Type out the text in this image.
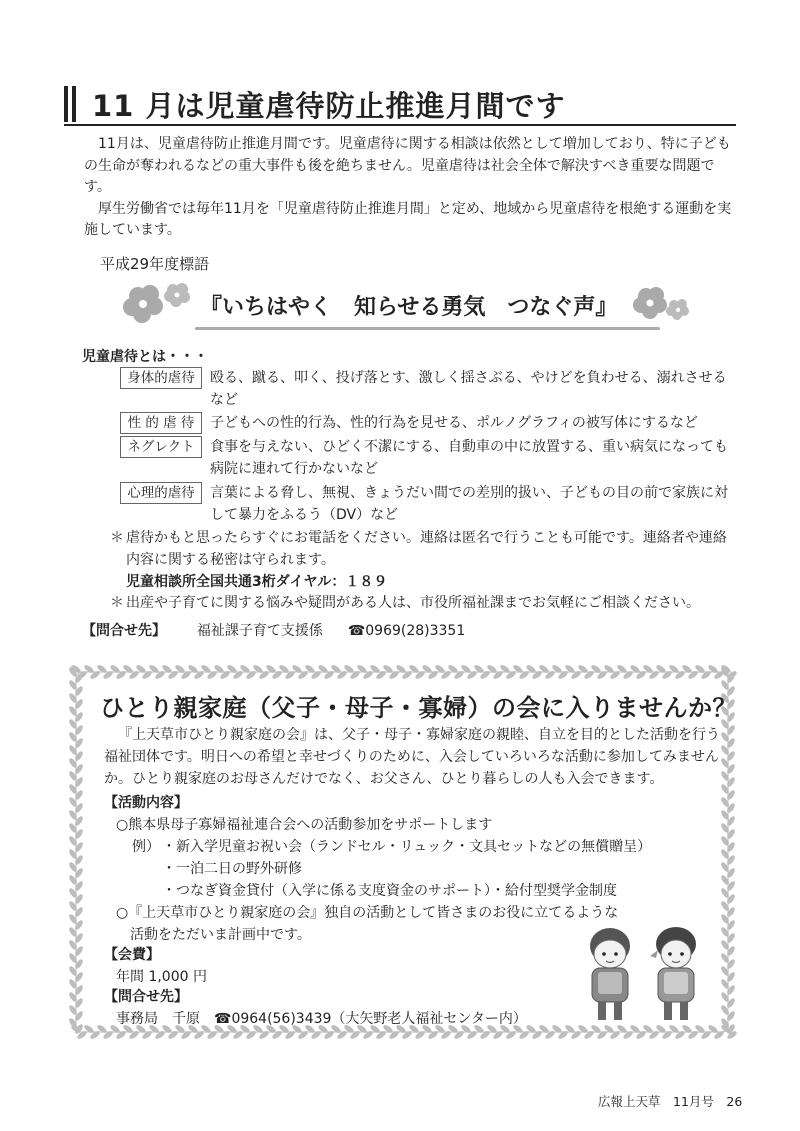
11 月は児童虐待防止推進月間です

11月は、児童虐待防止推進月間です。児童虐待に関する相談は依然として増加しており、特に子どもの生命が奪われるなどの重大事件も後を絶ちません。児童虐待は社会全体で解決すべき重要な問題です。

厚生労働省では毎年11月を「児童虐待防止推進月間」と定め、地域から児童虐待を根絶する運動を実施しています。

平成29年度標語
『いちはやく　知らせる勇気　つなぐ声』
児童虐待とは・・・
身体的虐待	殴る、蹴る、叩く、投げ落とす、激しく揺さぶる、やけどを負わせる、溺れさせるなど
性 的 虐 待	子どもへの性的行為、性的行為を見せる、ポルノグラフィの被写体にするなど
ネグレクト	食事を与えない、ひどく不潔にする、自動車の中に放置する、重い病気になっても病院に連れて行かないなど
心理的虐待	言葉による脅し、無視、きょうだい間での差別的扱い、子どもの目の前で家族に対して暴力をふるう（DV）など
＊ 虐待かもと思ったらすぐにお電話をください。連絡は匿名で行うことも可能です。連絡者や連絡内容に関する秘密は守られます。
児童相談所全国共通3桁ダイヤル：１８９
＊ 出産や子育てに関する悩みや疑問がある人は、市役所福祉課までお気軽にご相談ください。
【問合せ先】 福祉課子育て支援係 ☎0969(28)3351
ひとり親家庭（父子・母子・寡婦）の会に入りませんか？

『上天草市ひとり親家庭の会』は、父子・母子・寡婦家庭の親睦、自立を目的とした活動を行う福祉団体です。明日への希望と幸せづくりのために、入会していろいろな活動に参加してみませんか。ひとり親家庭のお母さんだけでなく、お父さん、ひとり暮らしの人も入会できます。

【活動内容】
○熊本県母子寡婦福祉連合会への活動参加をサポートします
例） ・新入学児童お祝い会（ランドセル・リュック・文具セットなどの無償贈呈）
・一泊二日の野外研修
・つなぎ資金貸付（入学に係る支度資金のサポート）・給付型奨学金制度
○『上天草市ひとり親家庭の会』独自の活動として皆さまのお役に立てるような
活動をただいま計画中です。
【会費】
年間 1,000 円
【問合せ先】
事務局　千原　☎0964(56)3439（大矢野老人福祉センター内）
広報上天草　11月号　26
